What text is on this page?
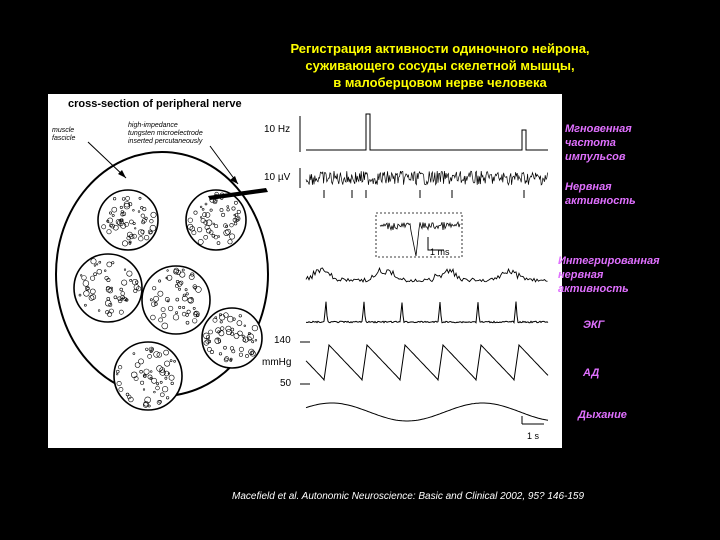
Регистрация активности одиночного нейрона,
суживающего сосуды скелетной мышцы,
в малоберцовом нерве человека
cross-section of peripheral nerve
muscle
fascicle
high-impedance
tungsten microelectrode
inserted percutaneously
10 Hz
10 µV
1 ms
140
mmHg
50
1 s
Мгновенная
частота
импульсов
Нервная
активность
Интегрированная
нервная
активность
ЭКГ
АД
Дыхание
Macefield et al. Autonomic Neuroscience: Basic and Clinical 2002, 95? 146-159
